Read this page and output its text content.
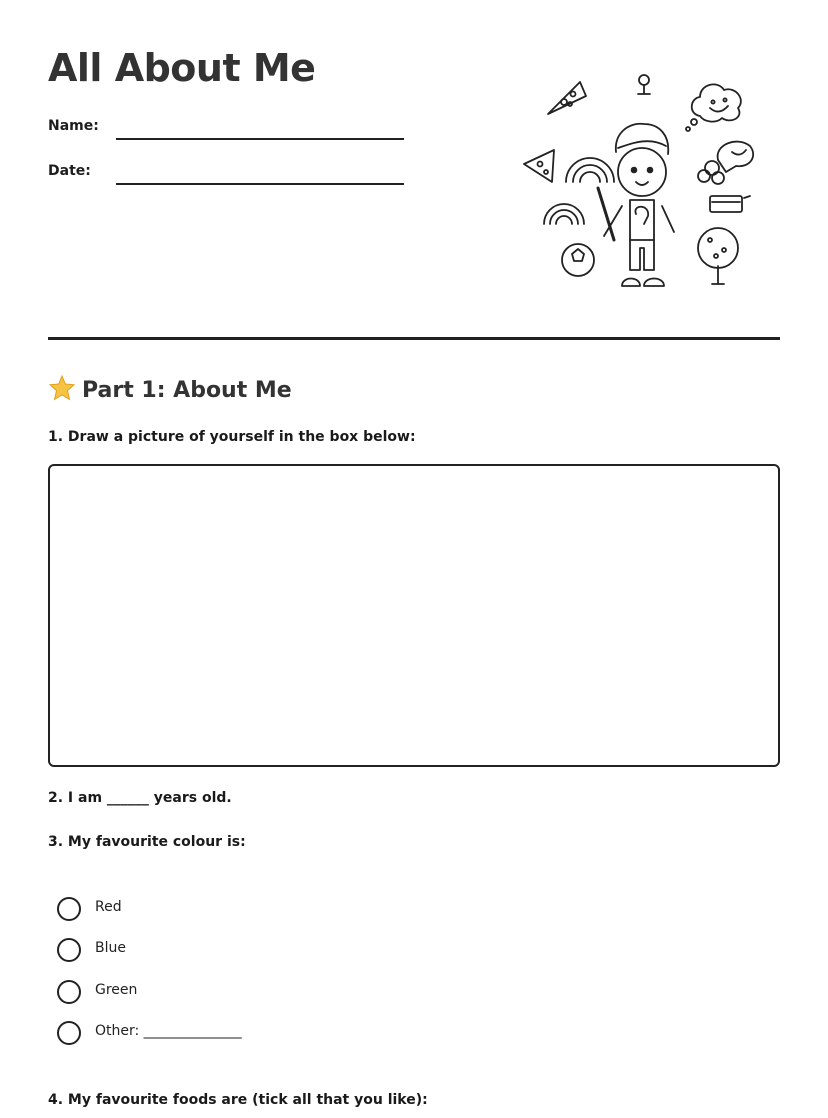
All About Me
Name:
Date:
Part 1: About Me
1. Draw a picture of yourself in the box below:
2. I am ______ years old.
3. My favourite colour is:
Red
Blue
Green
Other: ______________
4. My favourite foods are (tick all that you like):
